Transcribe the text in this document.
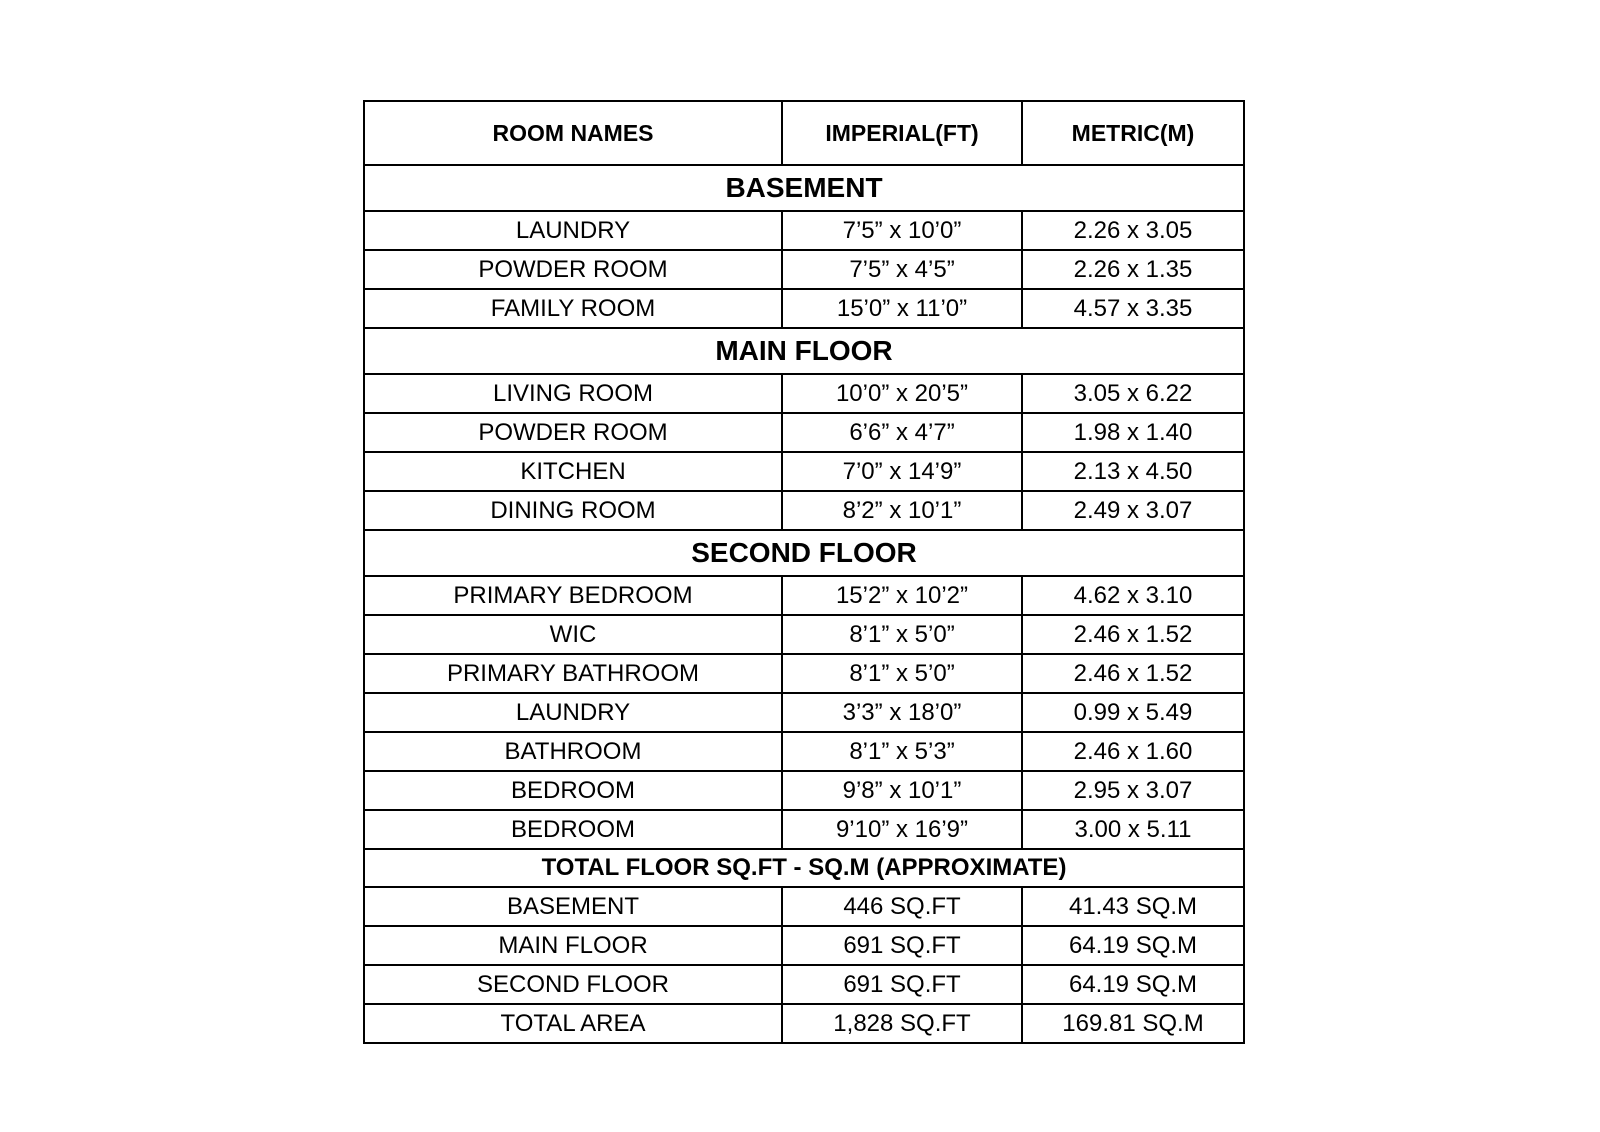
ROOM NAMES	IMPERIAL(FT)	METRIC(M)
BASEMENT		
LAUNDRY	7’5” x 10’0”	2.26 x 3.05
POWDER ROOM	7’5” x 4’5”	2.26 x 1.35
FAMILY ROOM	15’0” x 11’0”	4.57 x 3.35
MAIN FLOOR		
LIVING ROOM	10’0” x 20’5”	3.05 x 6.22
POWDER ROOM	6’6” x 4’7”	1.98 x 1.40
KITCHEN	7’0” x 14’9”	2.13 x 4.50
DINING ROOM	8’2” x 10’1”	2.49 x 3.07
SECOND FLOOR		
PRIMARY BEDROOM	15’2” x 10’2”	4.62 x 3.10
WIC	8’1” x 5’0”	2.46 x 1.52
PRIMARY BATHROOM	8’1” x 5’0”	2.46 x 1.52
LAUNDRY	3’3” x 18’0”	0.99 x 5.49
BATHROOM	8’1” x 5’3”	2.46 x 1.60
BEDROOM	9’8” x 10’1”	2.95 x 3.07
BEDROOM	9’10” x 16’9”	3.00 x 5.11
TOTAL FLOOR SQ.FT - SQ.M (APPROXIMATE)		
BASEMENT	446 SQ.FT	41.43 SQ.M
MAIN FLOOR	691 SQ.FT	64.19 SQ.M
SECOND FLOOR	691 SQ.FT	64.19 SQ.M
TOTAL AREA	1,828 SQ.FT	169.81 SQ.M
